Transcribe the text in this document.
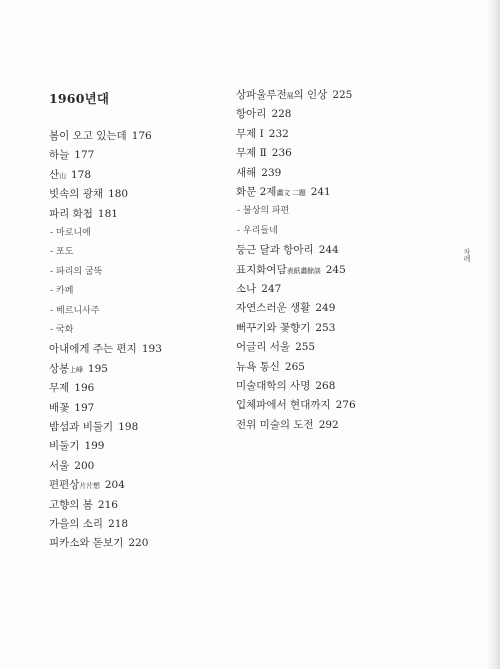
1960년대
봄이 오고 있는데 176
하늘 177
산山 178
빗속의 광채 180
파리 화첩 181
- 마로니에
- 포도
- 파리의 굴뚝
- 카페
- 베르니사주
- 국화
아내에게 주는 편지 193
상봉上峰 195
무제 196
배꽃 197
밤섬과 비둘기 198
비둘기 199
서울 200
편편상片片想 204
고향의 봄 216
가을의 소리 218
피카소와 돋보기 220
상파울루전展의 인상 225
항아리 228
무제 Ⅰ 232
무제 Ⅱ 236
새해 239
화문 2제畵文 二題 241
- 불상의 파편
- 우리들네
둥근 달과 항아리 244
표지화여담表紙畵餘談 245
소나 247
자연스러운 생활 249
뻐꾸기와 꽃향기 253
어글리 서울 255
뉴욕 통신 265
미술대학의 사명 268
입체파에서 현대까지 276
전위 미술의 도전 292
차례
